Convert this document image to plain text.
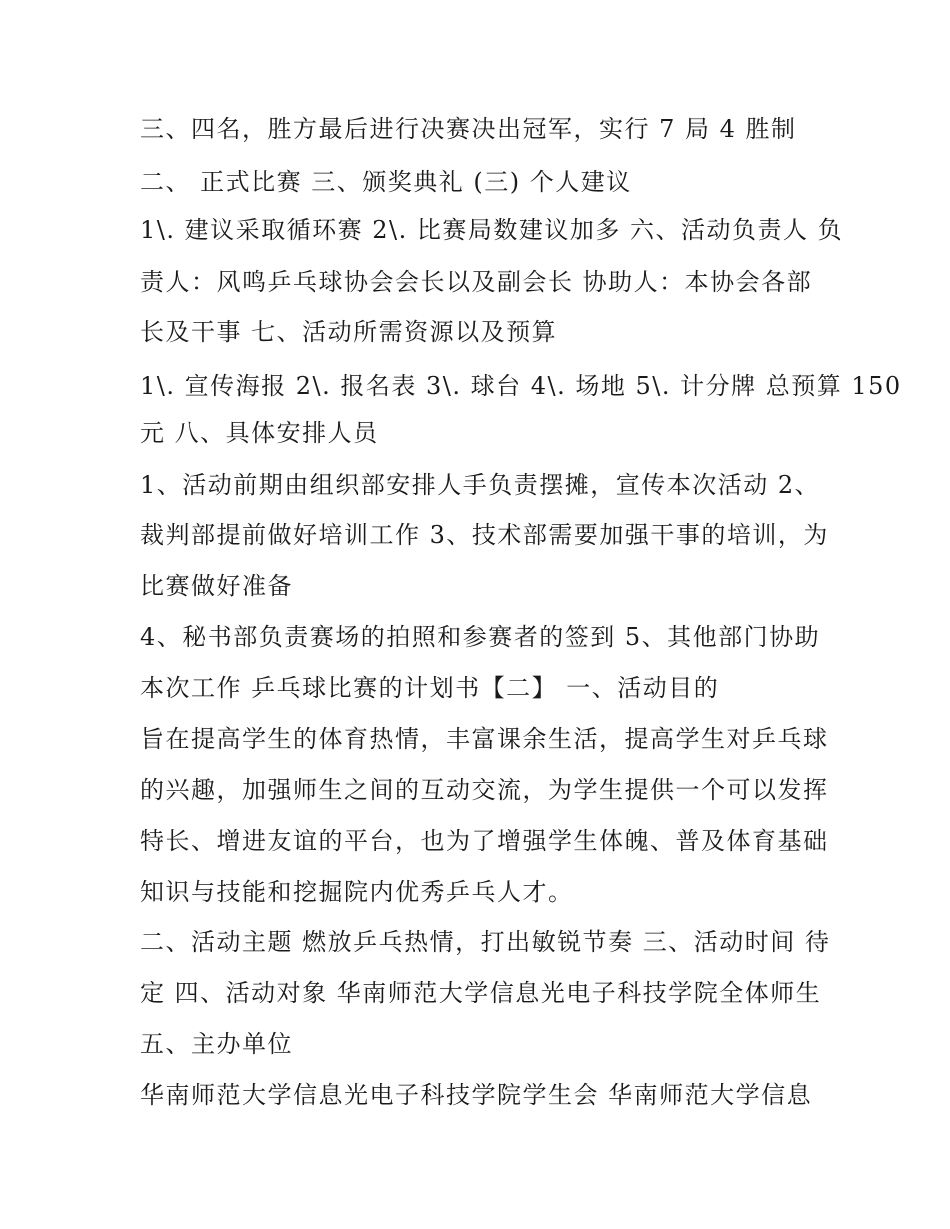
三、四名，胜方最后进行决赛决出冠军，实行 7 局 4 胜制
二、 正式比赛 三、颁奖典礼 (三) 个人建议
1\. 建议采取循环赛 2\. 比赛局数建议加多 六、活动负责人 负
责人：风鸣乒乓球协会会长以及副会长 协助人：本协会各部
长及干事 七、活动所需资源以及预算
1\. 宣传海报 2\. 报名表 3\. 球台 4\. 场地 5\. 计分牌 总预算 150
元 八、具体安排人员
1、活动前期由组织部安排人手负责摆摊，宣传本次活动 2、
裁判部提前做好培训工作 3、技术部需要加强干事的培训，为
比赛做好准备
4、秘书部负责赛场的拍照和参赛者的签到 5、其他部门协助
本次工作 乒乓球比赛的计划书【二】 一、活动目的
旨在提高学生的体育热情，丰富课余生活，提高学生对乒乓球
的兴趣，加强师生之间的互动交流，为学生提供一个可以发挥
特长、增进友谊的平台，也为了增强学生体魄、普及体育基础
知识与技能和挖掘院内优秀乒乓人才。
二、活动主题 燃放乒乓热情，打出敏锐节奏 三、活动时间 待
定 四、活动对象 华南师范大学信息光电子科技学院全体师生
五、主办单位
华南师范大学信息光电子科技学院学生会 华南师范大学信息
